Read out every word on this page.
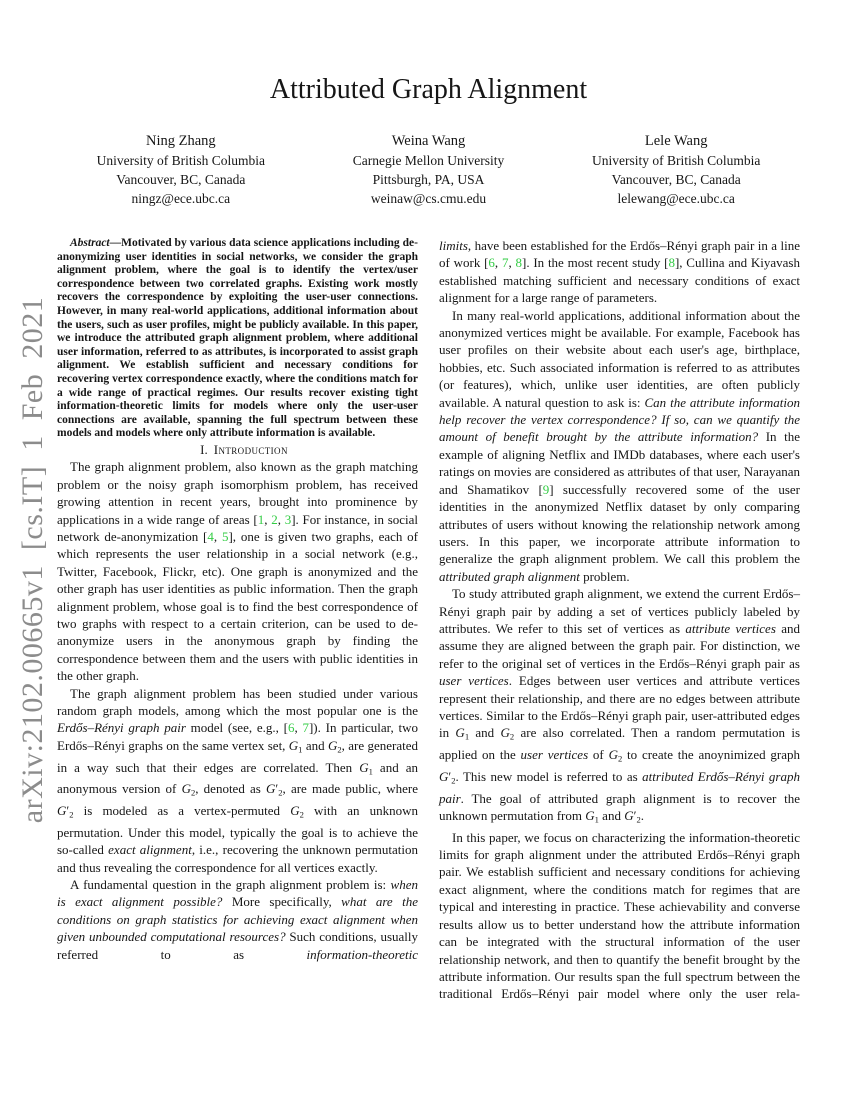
arXiv:2102.00665v1 [cs.IT] 1 Feb 2021
Attributed Graph Alignment
Ning Zhang
University of British Columbia
Vancouver, BC, Canada
ningz@ece.ubc.ca
Weina Wang
Carnegie Mellon University
Pittsburgh, PA, USA
weinaw@cs.cmu.edu
Lele Wang
University of British Columbia
Vancouver, BC, Canada
lelewang@ece.ubc.ca

Abstract—Motivated by various data science applications including de-anonymizing user identities in social networks, we consider the graph alignment problem, where the goal is to identify the vertex/user correspondence between two correlated graphs. Existing work mostly recovers the correspondence by exploiting the user-user connections. However, in many real-world applications, additional information about the users, such as user profiles, might be publicly available. In this paper, we introduce the attributed graph alignment problem, where additional user information, referred to as attributes, is incorporated to assist graph alignment. We establish sufficient and necessary conditions for recovering vertex correspondence exactly, where the conditions match for a wide range of practical regimes. Our results recover existing tight information-theoretic limits for models where only the user-user connections are available, spanning the full spectrum between these models and models where only attribute information is available.

I. Introduction

The graph alignment problem, also known as the graph matching problem or the noisy graph isomorphism problem, has received growing attention in recent years, brought into prominence by applications in a wide range of areas [1, 2, 3]. For instance, in social network de-anonymization [4, 5], one is given two graphs, each of which represents the user relationship in a social network (e.g., Twitter, Facebook, Flickr, etc). One graph is anonymized and the other graph has user identities as public information. Then the graph alignment problem, whose goal is to find the best correspondence of two graphs with respect to a certain criterion, can be used to de-anonymize users in the anonymous graph by finding the correspondence between them and the users with public identities in the other graph.

The graph alignment problem has been studied under various random graph models, among which the most popular one is the Erdős–Rényi graph pair model (see, e.g., [6, 7]). In particular, two Erdős–Rényi graphs on the same vertex set, G1 and G2, are generated in a way such that their edges are correlated. Then G1 and an anonymous version of G2, denoted as G′2, are made public, where G′2 is modeled as a vertex-permuted G2 with an unknown permutation. Under this model, typically the goal is to achieve the so-called exact alignment, i.e., recovering the unknown permutation and thus revealing the correspondence for all vertices exactly.

A fundamental question in the graph alignment problem is: when is exact alignment possible? More specifically, what are the conditions on graph statistics for achieving exact alignment when given unbounded computational resources? Such conditions, usually referred to as information-theoretic

limits, have been established for the Erdős–Rényi graph pair in a line of work [6, 7, 8]. In the most recent study [8], Cullina and Kiyavash established matching sufficient and necessary conditions of exact alignment for a large range of parameters.

In many real-world applications, additional information about the anonymized vertices might be available. For example, Facebook has user profiles on their website about each user's age, birthplace, hobbies, etc. Such associated information is referred to as attributes (or features), which, unlike user identities, are often publicly available. A natural question to ask is: Can the attribute information help recover the vertex correspondence? If so, can we quantify the amount of benefit brought by the attribute information? In the example of aligning Netflix and IMDb databases, where each user's ratings on movies are considered as attributes of that user, Narayanan and Shamatikov [9] successfully recovered some of the user identities in the anonymized Netflix dataset by only comparing attributes of users without knowing the relationship network among users. In this paper, we incorporate attribute information to generalize the graph alignment problem. We call this problem the attributed graph alignment problem.

To study attributed graph alignment, we extend the current Erdős–Rényi graph pair by adding a set of vertices publicly labeled by attributes. We refer to this set of vertices as attribute vertices and assume they are aligned between the graph pair. For distinction, we refer to the original set of vertices in the Erdős–Rényi graph pair as user vertices. Edges between user vertices and attribute vertices represent their relationship, and there are no edges between attribute vertices. Similar to the Erdős–Rényi graph pair, user-attributed edges in G1 and G2 are also correlated. Then a random permutation is applied on the user vertices of G2 to create the anoynimized graph G′2. This new model is referred to as attributed Erdős–Rényi graph pair. The goal of attributed graph alignment is to recover the unknown permutation from G1 and G′2.

In this paper, we focus on characterizing the information-theoretic limits for graph alignment under the attributed Erdős–Rényi graph pair. We establish sufficient and necessary conditions for achieving exact alignment, where the conditions match for regimes that are typical and interesting in practice. These achievability and converse results allow us to better understand how the attribute information can be integrated with the structural information of the user relationship network, and then to quantify the benefit brought by the attribute information. Our results span the full spectrum between the traditional Erdős–Rényi pair model where only the user rela-
